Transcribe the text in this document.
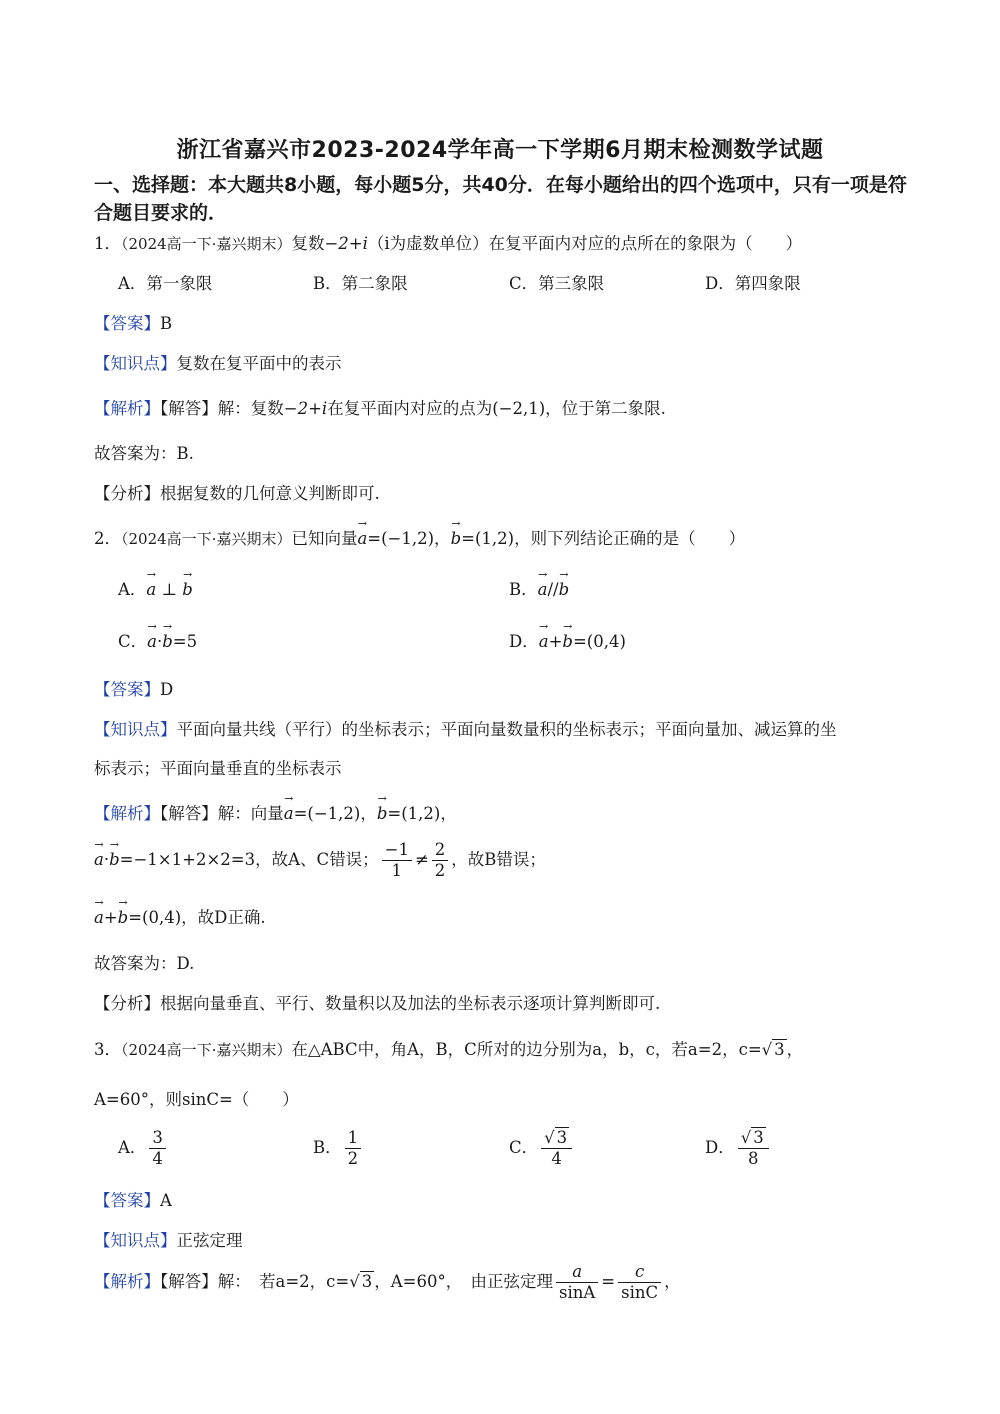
浙江省嘉兴市2023-2024学年高一下学期6月期末检测数学试题
一、选择题：本大题共8小题，每小题5分，共40分．在每小题给出的四个选项中，只有一项是符合题目要求的．
1．（2024高一下·嘉兴期末）复数−2+i（i为虚数单位）在复平面内对应的点所在的象限为（　　）
A．第一象限	B．第二象限	C．第三象限	D．第四象限
【答案】B
【知识点】复数在复平面中的表示
【解析】【解答】解：复数−2+i在复平面内对应的点为(−2,1)，位于第二象限.
故答案为：B.
【分析】根据复数的几何意义判断即可.
2．（2024高一下·嘉兴期末）已知向量→ a=(−1,2)，→ b=(1,2)，则下列结论正确的是（　　）
A．→ a ⊥ → b	B．→ a//→ b
C．→ a·→ b=5	D．→ a+→ b=(0,4)
【答案】D
【知识点】平面向量共线（平行）的坐标表示；平面向量数量积的坐标表示；平面向量加、减运算的坐
标表示；平面向量垂直的坐标表示
【解析】【解答】解：向量→ a=(−1,2)，→ b=(1,2)，
→ a·→ b=−1×1+2×2=3，故A、C错误； $\frac{-1}{1} \ne \frac{2}{2}$ ，故B错误；
→ a+→ b=(0,4)，故D正确.
故答案为：D.
【分析】根据向量垂直、平行、数量积以及加法的坐标表示逐项计算判断即可.
3．（2024高一下·嘉兴期末）在△ABC中，角A，B，C所对的边分别为a，b，c，若a=2，c=√ 3 ，
A=60°，则sinC=（　　）
A． $\frac{3}{4}$	B． $\frac{1}{2}$	C． $\frac{√ 3}{4}$	D． $\frac{√ 3}{8}$
【答案】A
【知识点】正弦定理
【解析】【解答】解：　若a=2，c=√ 3 ，A=60°，　由正弦定理 $\frac{a}{\sin A} = \frac{c}{\sin C}$ ，
